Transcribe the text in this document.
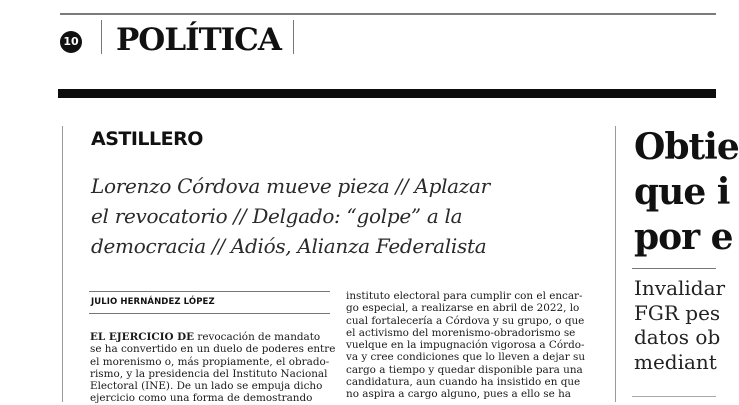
10 POLÍTICA
ASTILLERO
Lorenzo Córdova mueve pieza // Aplazar
el revocatorio // Delgado: “golpe” a la
democracia // Adiós, Alianza Federalista
JULIO HERNÁNDEZ LÓPEZ
EL EJERCICIO DE revocación de mandato
se ha convertido en un duelo de poderes entre
el morenismo o, más propiamente, el obrado-
rismo, y la presidencia del Instituto Nacional
Electoral (INE). De un lado se empuja dicho
ejercicio como una forma de demostrando
instituto electoral para cumplir con el encar-
go especial, a realizarse en abril de 2022, lo
cual fortalecería a Córdova y su grupo, o que
el activismo del morenismo-obradorismo se
vuelque en la impugnación vigorosa a Córdo-
va y cree condiciones que lo lleven a dejar su
cargo a tiempo y quedar disponible para una
candidatura, aun cuando ha insistido en que
no aspira a cargo alguno, pues a ello se ha
Obtie
que i
por e
Invalidar
FGR pes
datos ob
mediant
